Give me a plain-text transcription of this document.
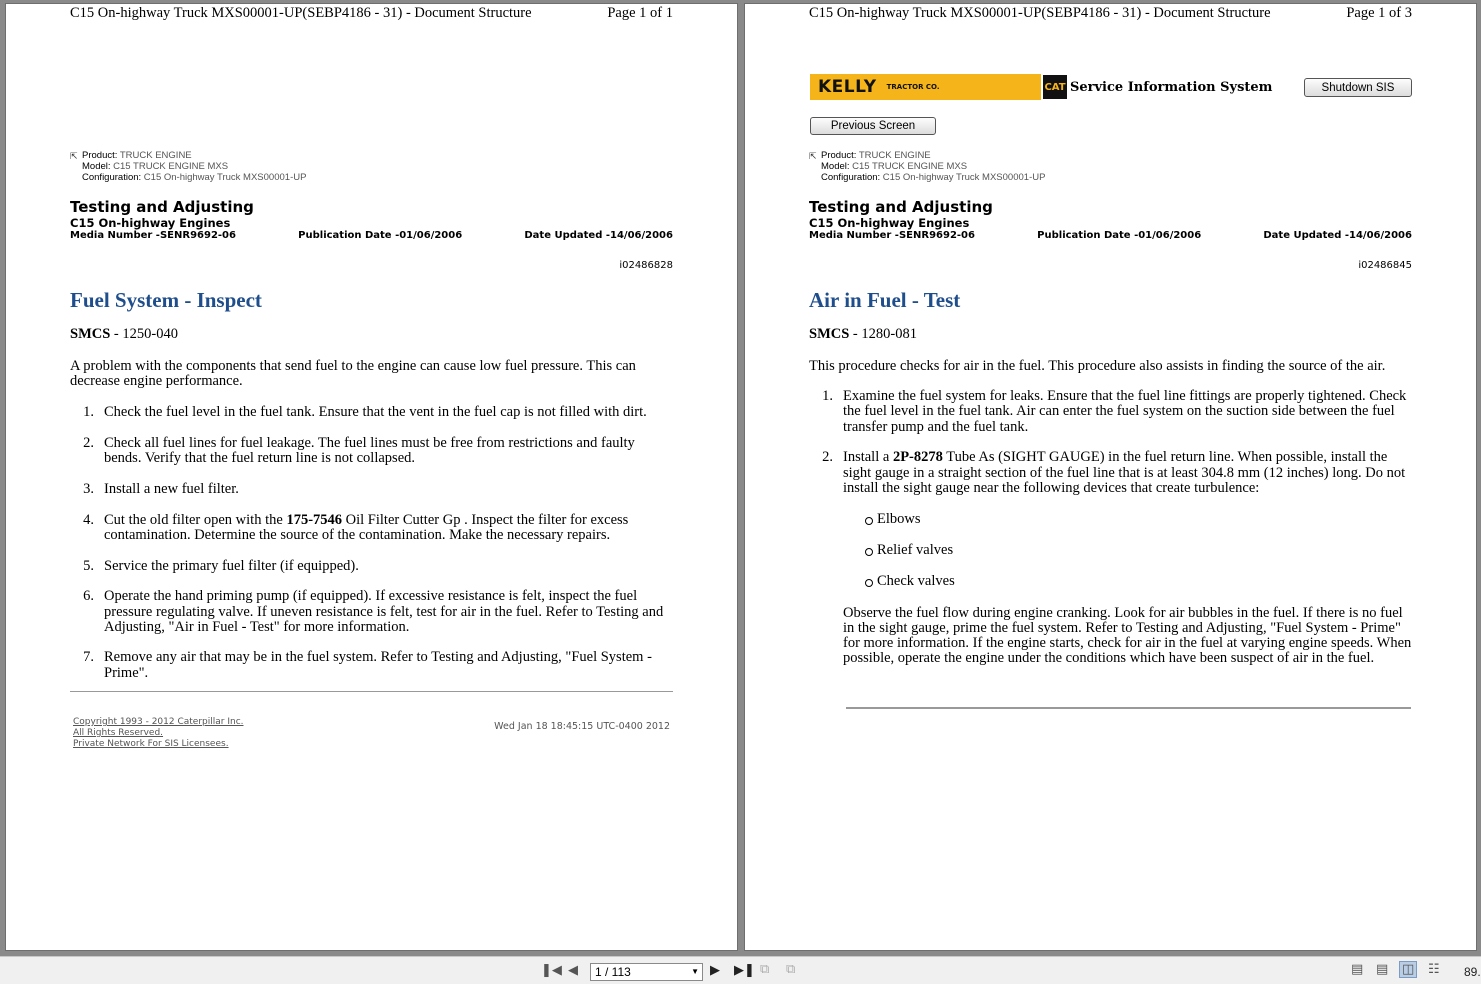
C15 On-highway Truck MXS00001-UP(SEBP4186 - 31) - Document Structure	Page 1 of 1
⇱ Product: TRUCK ENGINE
Model: C15 TRUCK ENGINE MXS
Configuration: C15 On-highway Truck MXS00001-UP
Testing and Adjusting
C15 On-highway Engines
Media Number -SENR9692-06	Publication Date -01/06/2006	Date Updated -14/06/2006
i02486828
Fuel System - Inspect
SMCS - 1250-040

A problem with the components that send fuel to the engine can cause low fuel pressure. This can decrease engine performance.

1. Check the fuel level in the fuel tank. Ensure that the vent in the fuel cap is not filled with dirt.
2. Check all fuel lines for fuel leakage. The fuel lines must be free from restrictions and faulty bends. Verify that the fuel return line is not collapsed.
3. Install a new fuel filter.
4. Cut the old filter open with the 175-7546 Oil Filter Cutter Gp . Inspect the filter for excess contamination. Determine the source of the contamination. Make the necessary repairs.
5. Service the primary fuel filter (if equipped).
6. Operate the hand priming pump (if equipped). If excessive resistance is felt, inspect the fuel pressure regulating valve. If uneven resistance is felt, test for air in the fuel. Refer to Testing and Adjusting, "Air in Fuel - Test" for more information.
7. Remove any air that may be in the fuel system. Refer to Testing and Adjusting, "Fuel System - Prime".
Copyright 1993 - 2012 Caterpillar Inc.
All Rights Reserved.
Private Network For SIS Licensees.
Wed Jan 18 18:45:15 UTC-0400 2012
C15 On-highway Truck MXS00001-UP(SEBP4186 - 31) - Document Structure	Page 1 of 3
KELLY TRACTOR CO.	CAT Service Information System	Shutdown SIS
Previous Screen
⇱ Product: TRUCK ENGINE
Model: C15 TRUCK ENGINE MXS
Configuration: C15 On-highway Truck MXS00001-UP
Testing and Adjusting
C15 On-highway Engines
Media Number -SENR9692-06	Publication Date -01/06/2006	Date Updated -14/06/2006
i02486845
Air in Fuel - Test
SMCS - 1280-081

This procedure checks for air in the fuel. This procedure also assists in finding the source of the air.

1. Examine the fuel system for leaks. Ensure that the fuel line fittings are properly tightened. Check the fuel level in the fuel tank. Air can enter the fuel system on the suction side between the fuel transfer pump and the fuel tank.
2. Install a 2P-8278 Tube As (SIGHT GAUGE) in the fuel return line. When possible, install the sight gauge in a straight section of the fuel line that is at least 304.8 mm (12 inches) long. Do not install the sight gauge near the following devices that create turbulence:
Elbows
Relief valves
Check valves

Observe the fuel flow during engine cranking. Look for air bubbles in the fuel. If there is no fuel in the sight gauge, prime the fuel system. Refer to Testing and Adjusting, "Fuel System - Prime" for more information. If the engine starts, check for air in the fuel at varying engine speeds. When possible, operate the engine under the conditions which have been suspect of air in the fuel.

❚◀ ◀	1 / 113	▼ ▶ ▶❚ ⧉ ⧉	▤ ▤ ◫ ☷ 89.
